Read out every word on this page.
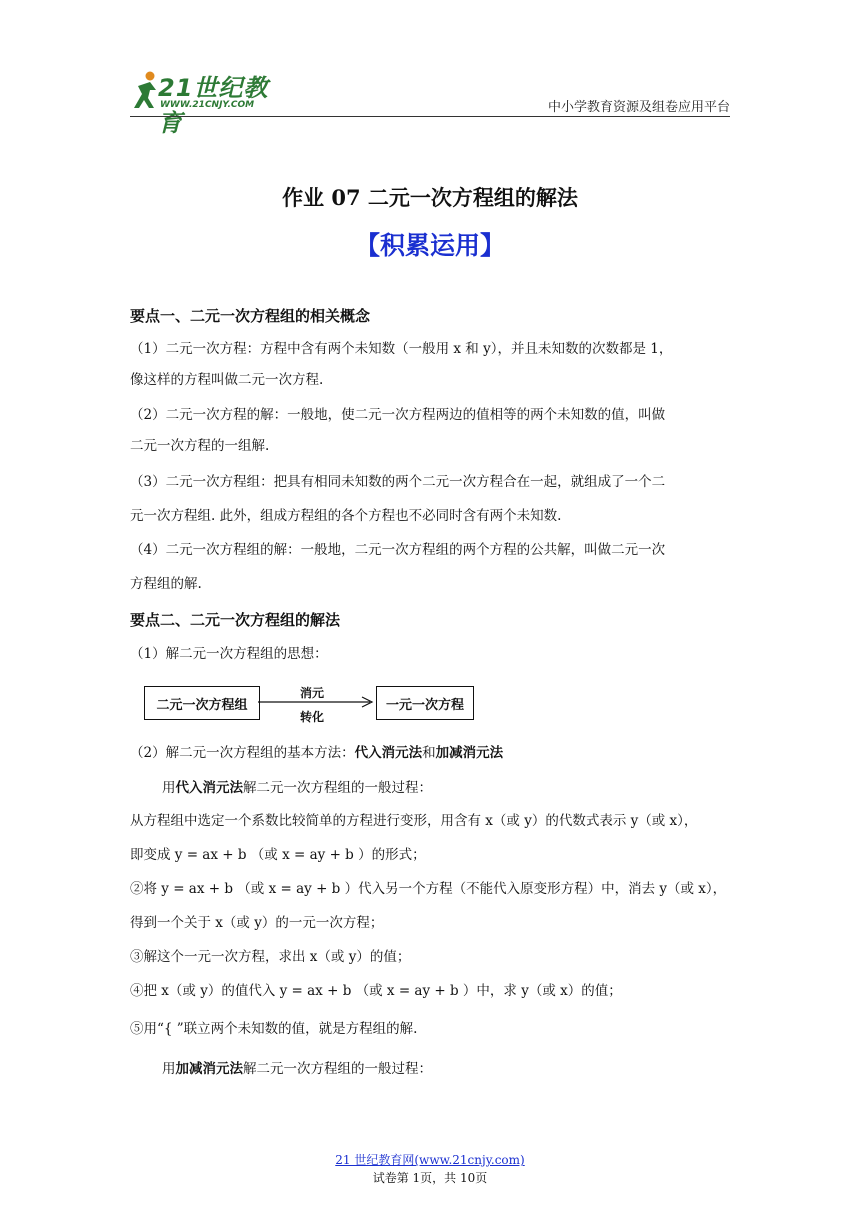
21世纪教育
WWW.21CNJY.COM	中小学教育资源及组卷应用平台
作业 07 二元一次方程组的解法
【积累运用】
要点一、二元一次方程组的相关概念
（1）二元一次方程：方程中含有两个未知数（一般用 x 和 y），并且未知数的次数都是 1，
像这样的方程叫做二元一次方程.
（2）二元一次方程的解：一般地，使二元一次方程两边的值相等的两个未知数的值，叫做
二元一次方程的一组解.
（3）二元一次方程组：把具有相同未知数的两个二元一次方程合在一起，就组成了一个二
元一次方程组. 此外，组成方程组的各个方程也不必同时含有两个未知数.
（4）二元一次方程组的解：一般地，二元一次方程组的两个方程的公共解，叫做二元一次
方程组的解.
要点二、二元一次方程组的解法
（1）解二元一次方程组的思想：
二元一次方程组
消元
转化
一元一次方程
（2）解二元一次方程组的基本方法：代入消元法和加减消元法
用代入消元法解二元一次方程组的一般过程：
从方程组中选定一个系数比较简单的方程进行变形，用含有 x（或 y）的代数式表示 y（或 x），
即变成 y = ax + b （或 x = ay + b ）的形式；
②将 y = ax + b （或 x = ay + b ）代入另一个方程（不能代入原变形方程）中，消去 y（或 x），
得到一个关于 x（或 y）的一元一次方程；
③解这个一元一次方程，求出 x（或 y）的值；
④把 x（或 y）的值代入 y = ax + b （或 x = ay + b ）中，求 y（或 x）的值；
⑤用“{ ”联立两个未知数的值，就是方程组的解.
用加减消元法解二元一次方程组的一般过程：
21 世纪教育网(www.21cnjy.com)
试卷第 1页，共 10页
